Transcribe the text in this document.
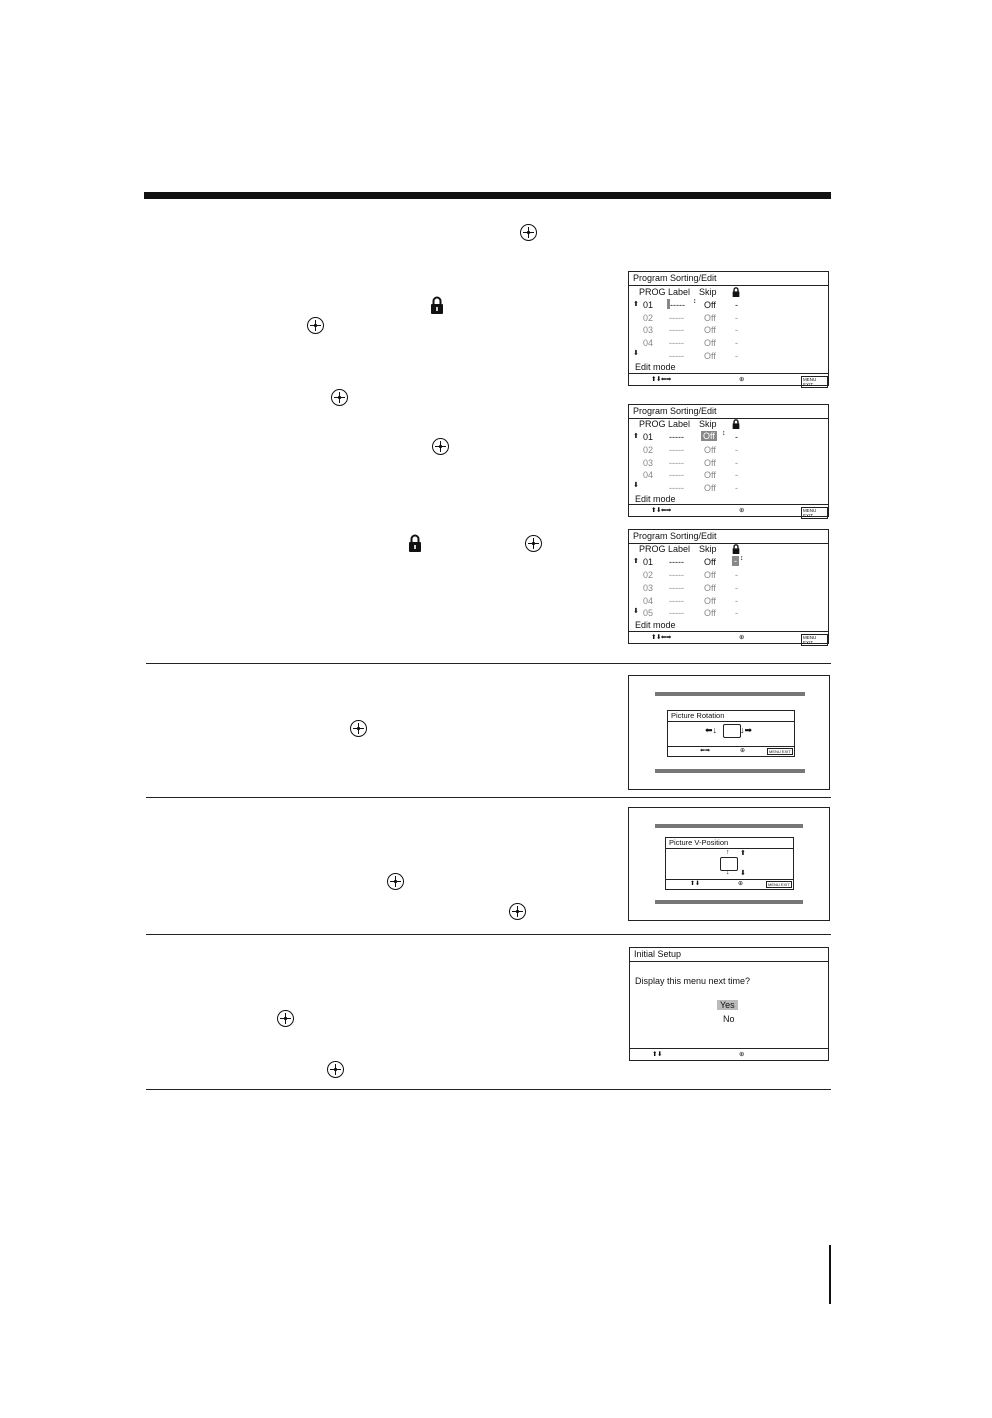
Program Sorting/Edit
PROG Label Skip
⬆ 01 ----- ↕ Off -
02 ----- Off -
03 ----- Off -
04 ----- Off -
⬇	----- Off -
Edit mode
⬆⬇⬅➡	⊕	MENU EXIT
Program Sorting/Edit
PROG Label Skip
⬆ 01 ----- Off ↕ -
02 ----- Off -
03 ----- Off -
04 ----- Off -
⬇	----- Off -
Edit mode
⬆⬇⬅➡	⊕	MENU EXIT
Program Sorting/Edit
PROG Label Skip
⬆ 01 ----- Off - ↕
02 ----- Off -
03 ----- Off -
04 ----- Off -
⬇ 05 ----- Off -
Edit mode
⬆⬇⬅➡	⊕	MENU EXIT
Picture Rotation
⬅↓	↓➡
⬅➡	⊕	MENU EXIT
Picture V-Position
↑ ⬆
↓ ⬇
⬆⬇	⊕	MENU EXIT
Initial Setup
Display this menu next time?
Yes
No
⬆⬇	⊕
